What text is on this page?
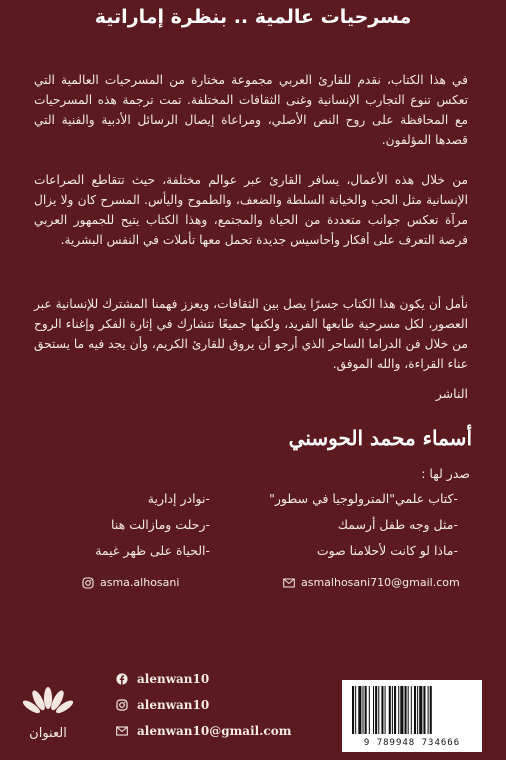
مسرحيات عالمية .. بنظرة إماراتية

في هذا الكتاب، نقدم للقارئ العربي مجموعة مختارة من المسرحيات العالمية التي تعكس تنوع التجارب الإنسانية وغنى الثقافات المختلفة. تمت ترجمة هذه المسرحيات مع المحافظة على روح النص الأصلي، ومراعاة إيصال الرسائل الأدبية والفنية التي قصدها المؤلفون.

من خلال هذه الأعمال، يسافر القارئ عبر عوالم مختلفة، حيث تتقاطع الصراعات الإنسانية مثل الحب والخيانة السلطة والضعف، والطموح واليأس. المسرح كان ولا يزال مرآة تعكس جوانب متعددة من الحياة والمجتمع، وهذا الكتاب يتيح للجمهور العربي فرصة التعرف على أفكار وأحاسيس جديدة تحمل معها تأملات في النفس البشرية.

نأمل أن يكون هذا الكتاب جسرًا يصل بين الثقافات، ويعزز فهمنا المشترك للإنسانية عبر العصور، لكل مسرحية طابعها الفريد، ولكنها جميعًا تتشارك في إثارة الفكر وإغناء الروح من خلال فن الدراما الساحر الذي أرجو أن يروق للقارئ الكريم، وأن يجد فيه ما يستحق عناء القراءة، والله الموفق.

الناشر
أسماء محمد الحوسني
صدر لها :
-كتاب علمي"المترولوجيا في سطور"
-مثل وجه طفل أرسمك
-ماذا لو كانت لأحلامنا صوت
-نوادر إدارية
-رحلت ومازالت هنا
-الحياة على ظهر غيمة
asmalhosani710@gmail.com
asma.alhosani
alenwan10
alenwan10
alenwan10@gmail.com
العنوان
9 789948 734666
